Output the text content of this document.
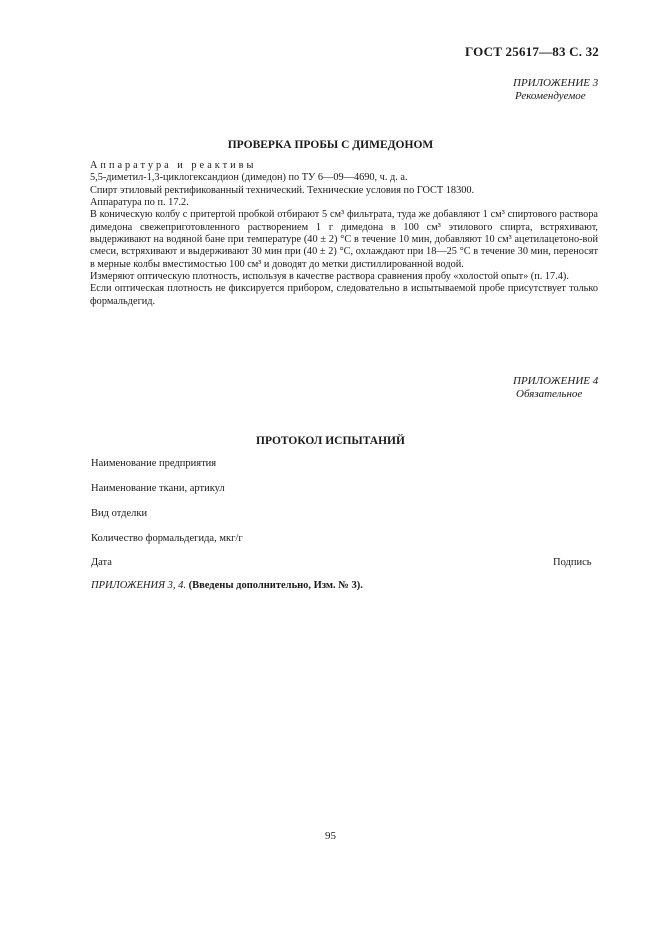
ГОСТ 25617—83 С. 32
ПРИЛОЖЕНИЕ 3
Рекомендуемое
ПРОВЕРКА ПРОБЫ С ДИМЕДОНОМ

Аппаратура и реактивы

5,5-диметил-1,3-циклогександион (димедон) по ТУ 6—09—4690, ч. д. а.

Спирт этиловый ректификованный технический. Технические условия по ГОСТ 18300.

Аппаратура по п. 17.2.

В коническую колбу с притертой пробкой отбирают 5 см³ фильтрата, туда же добавляют 1 см³ спиртового раствора димедона свежеприготовленного растворением 1 г димедона в 100 см³ этилового спирта, встряхивают, выдерживают на водяной бане при температуре (40 ± 2) °С в течение 10 мин, добавляют 10 см³ ацетилацетоно-вой смеси, встряхивают и выдерживают 30 мин при (40 ± 2) °С, охлаждают при 18—25 °С в течение 30 мин, переносят в мерные колбы вместимостью 100 см³ и доводят до метки дистиллированной водой.

Измеряют оптическую плотность, используя в качестве раствора сравнения пробу «холостой опыт» (п. 17.4).

Если оптическая плотность не фиксируется прибором, следовательно в испытываемой пробе присутствует только формальдегид.

ПРИЛОЖЕНИЕ 4
Обязательное
ПРОТОКОЛ ИСПЫТАНИЙ
Наименование предприятия
Наименование ткани, артикул
Вид отделки
Количество формальдегида, мкг/г
Дата	Подпись
ПРИЛОЖЕНИЯ 3, 4. (Введены дополнительно, Изм. № 3).
95
